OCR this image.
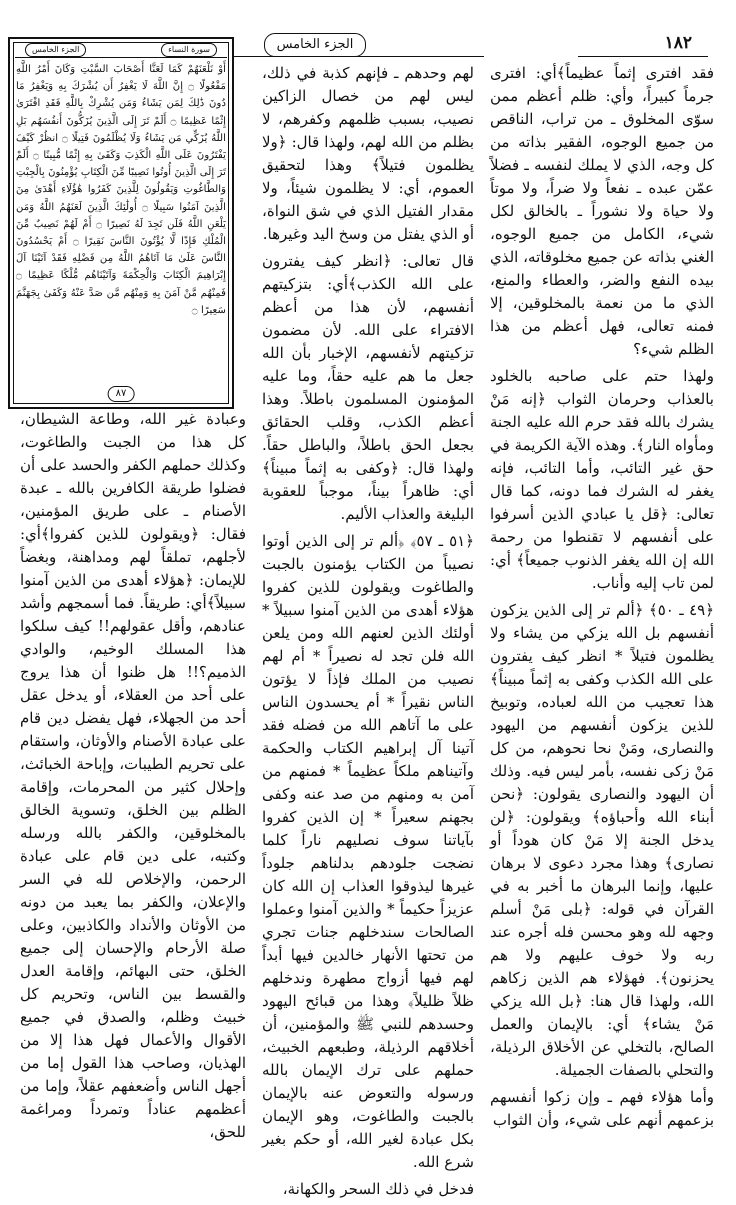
١٨٢
الجزء الخامس

فقد افترى إثماً عظيماً﴾أي: افترى جرماً كبيراً، وأي: ظلم أعظم ممن سوّى المخلوق ـ من تراب، الناقص من جميع الوجوه، الفقير بذاته من كل وجه، الذي لا يملك لنفسه ـ فضلاً عمّن عبده ـ نفعاً ولا ضراً، ولا موتاً ولا حياة ولا نشوراً ـ بالخالق لكل شيء، الكامل من جميع الوجوه، الغني بذاته عن جميع مخلوقاته، الذي بيده النفع والضر، والعطاء والمنع، الذي ما من نعمة بالمخلوقين، إلا فمنه تعالى، فهل أعظم من هذا الظلم شيء؟

ولهذا حتم على صاحبه بالخلود بالعذاب وحرمان الثواب ﴿إنه مَنْ يشرك بالله فقد حرم الله عليه الجنة ومأواه النار﴾. وهذه الآية الكريمة في حق غير التائب، وأما التائب، فإنه يغفر له الشرك فما دونه، كما قال تعالى: ﴿قل يا عبادي الذين أسرفوا على أنفسهم لا تقنطوا من رحمة الله إن الله يغفر الذنوب جميعاً﴾ أي: لمن تاب إليه وأناب.

﴿٤٩ ـ ٥٠﴾ ﴿ألم تر إلى الذين يزكون أنفسهم بل الله يزكي من يشاء ولا يظلمون فتيلاً * انظر كيف يفترون على الله الكذب وكفى به إثماً مبيناً﴾ هذا تعجيب من الله لعباده، وتوبيخ للذين يزكون أنفسهم من اليهود والنصارى، ومَنْ نحا نحوهم، من كل مَنْ زكى نفسه، بأمر ليس فيه. وذلك أن اليهود والنصارى يقولون: ﴿نحن أبناء الله وأحباؤه﴾ ويقولون: ﴿لن يدخل الجنة إلا مَنْ كان هوداً أو نصارى﴾ وهذا مجرد دعوى لا برهان عليها، وإنما البرهان ما أخبر به في القرآن في قوله: ﴿بلى مَنْ أسلم وجهه لله وهو محسن فله أجره عند ربه ولا خوف عليهم ولا هم يحزنون﴾. فهؤلاء هم الذين زكاهم الله، ولهذا قال هنا: ﴿بل الله يزكي مَنْ يشاء﴾ أي: بالإيمان والعمل الصالح، بالتخلي عن الأخلاق الرذيلة، والتحلي بالصفات الجميلة.

وأما هؤلاء فهم ـ وإن زكوا أنفسهم بزعمهم أنهم على شيء، وأن الثواب

لهم وحدهم ـ فإنهم كذبة في ذلك، ليس لهم من خصال الزاكين نصيب، بسبب ظلمهم وكفرهم، لا بظلم من الله لهم، ولهذا قال: ﴿ولا يظلمون فتيلاً﴾ وهذا لتحقيق العموم، أي: لا يظلمون شيئاً، ولا مقدار الفتيل الذي في شق النواة، أو الذي يفتل من وسخ اليد وغيرها.

قال تعالى: ﴿انظر كيف يفترون على الله الكذب﴾أي: بتزكيتهم أنفسهم، لأن هذا من أعظم الافتراء على الله. لأن مضمون تزكيتهم لأنفسهم، الإخبار بأن الله جعل ما هم عليه حقاً، وما عليه المؤمنون المسلمون باطلاً. وهذا أعظم الكذب، وقلب الحقائق بجعل الحق باطلاً، والباطل حقاً. ولهذا قال: ﴿وكفى به إثماً مبيناً﴾أي: ظاهراً بيناً، موجباً للعقوبة البليغة والعذاب الأليم.

﴿٥١ ـ ٥٧﴾ ﴿ألم تر إلى الذين أوتوا نصيباً من الكتاب يؤمنون بالجبت والطاغوت ويقولون للذين كفروا هؤلاء أهدى من الذين آمنوا سبيلاً * أولئك الذين لعنهم الله ومن يلعن الله فلن تجد له نصيراً * أم لهم نصيب من الملك فإذاً لا يؤتون الناس نقيراً * أم يحسدون الناس على ما آتاهم الله من فضله فقد آتينا آل إبراهيم الكتاب والحكمة وآتيناهم ملكاً عظيماً * فمنهم من آمن به ومنهم من صد عنه وكفى بجهنم سعيراً * إن الذين كفروا بآياتنا سوف نصليهم ناراً كلما نضجت جلودهم بدلناهم جلوداً غيرها ليذوقوا العذاب إن الله كان عزيزاً حكيماً * والذين آمنوا وعملوا الصالحات سندخلهم جنات تجري من تحتها الأنهار خالدين فيها أبداً لهم فيها أزواج مطهرة وندخلهم ظلاً ظليلاً﴾ وهذا من قبائح اليهود وحسدهم للنبي ﷺ والمؤمنين، أن أخلاقهم الرذيلة، وطبعهم الخبيث، حملهم على ترك الإيمان بالله ورسوله والتعوض عنه بالإيمان بالجبت والطاغوت، وهو الإيمان بكل عبادة لغير الله، أو حكم بغير شرع الله.

فدخل في ذلك السحر والكهانة،

سورة النساء
الجزء الخامس

أَوْ نَلْعَنَهُمْ كَمَا لَعَنَّا أَصْحَابَ السَّبْتِ وَكَانَ أَمْرُ اللَّهِ مَفْعُولًا ۝ إِنَّ اللَّهَ لَا يَغْفِرُ أَن يُشْرَكَ بِهِ وَيَغْفِرُ مَا دُونَ ذَٰلِكَ لِمَن يَشَاءُ وَمَن يُشْرِكْ بِاللَّهِ فَقَدِ افْتَرَىٰ إِثْمًا عَظِيمًا ۝ أَلَمْ تَرَ إِلَى الَّذِينَ يُزَكُّونَ أَنفُسَهُم بَلِ اللَّهُ يُزَكِّي مَن يَشَاءُ وَلَا يُظْلَمُونَ فَتِيلًا ۝ انظُرْ كَيْفَ يَفْتَرُونَ عَلَى اللَّهِ الْكَذِبَ وَكَفَىٰ بِهِ إِثْمًا مُّبِينًا ۝ أَلَمْ تَرَ إِلَى الَّذِينَ أُوتُوا نَصِيبًا مِّنَ الْكِتَابِ يُؤْمِنُونَ بِالْجِبْتِ وَالطَّاغُوتِ وَيَقُولُونَ لِلَّذِينَ كَفَرُوا هَٰؤُلَاءِ أَهْدَىٰ مِنَ الَّذِينَ آمَنُوا سَبِيلًا ۝ أُولَٰئِكَ الَّذِينَ لَعَنَهُمُ اللَّهُ وَمَن يَلْعَنِ اللَّهُ فَلَن تَجِدَ لَهُ نَصِيرًا ۝ أَمْ لَهُمْ نَصِيبٌ مِّنَ الْمُلْكِ فَإِذًا لَّا يُؤْتُونَ النَّاسَ نَقِيرًا ۝ أَمْ يَحْسُدُونَ النَّاسَ عَلَىٰ مَا آتَاهُمُ اللَّهُ مِن فَضْلِهِ فَقَدْ آتَيْنَا آلَ إِبْرَاهِيمَ الْكِتَابَ وَالْحِكْمَةَ وَآتَيْنَاهُم مُّلْكًا عَظِيمًا ۝ فَمِنْهُم مَّنْ آمَنَ بِهِ وَمِنْهُم مَّن صَدَّ عَنْهُ وَكَفَىٰ بِجَهَنَّمَ سَعِيرًا ۝

٨٧

وعبادة غير الله، وطاعة الشيطان، كل هذا من الجبت والطاغوت، وكذلك حملهم الكفر والحسد على أن فضلوا طريقة الكافرين بالله ـ عبدة الأصنام ـ على طريق المؤمنين، فقال: ﴿ويقولون للذين كفروا﴾أي: لأجلهم، تملقاً لهم ومداهنة، وبغضاً للإيمان: ﴿هؤلاء أهدى من الذين آمنوا سبيلاً﴾أي: طريقاً. فما أسمجهم وأشد عنادهم، وأقل عقولهم!! كيف سلكوا هذا المسلك الوخيم، والوادي الذميم؟!! هل ظنوا أن هذا يروج على أحد من العقلاء، أو يدخل عقل أحد من الجهلاء، فهل يفضل دين قام على عبادة الأصنام والأوثان، واستقام على تحريم الطيبات، وإباحة الخبائث، وإحلال كثير من المحرمات، وإقامة الظلم بين الخلق، وتسوية الخالق بالمخلوقين، والكفر بالله ورسله وكتبه، على دين قام على عبادة الرحمن، والإخلاص لله في السر والإعلان، والكفر بما يعبد من دونه من الأوثان والأنداد والكاذبين، وعلى صلة الأرحام والإحسان إلى جميع الخلق، حتى البهائم، وإقامة العدل والقسط بين الناس، وتحريم كل خبيث وظلم، والصدق في جميع الأقوال والأعمال فهل هذا إلا من الهذيان، وصاحب هذا القول إما من أجهل الناس وأضعفهم عقلاً، وإما من أعظمهم عناداً وتمرداً ومراغمة للحق،
